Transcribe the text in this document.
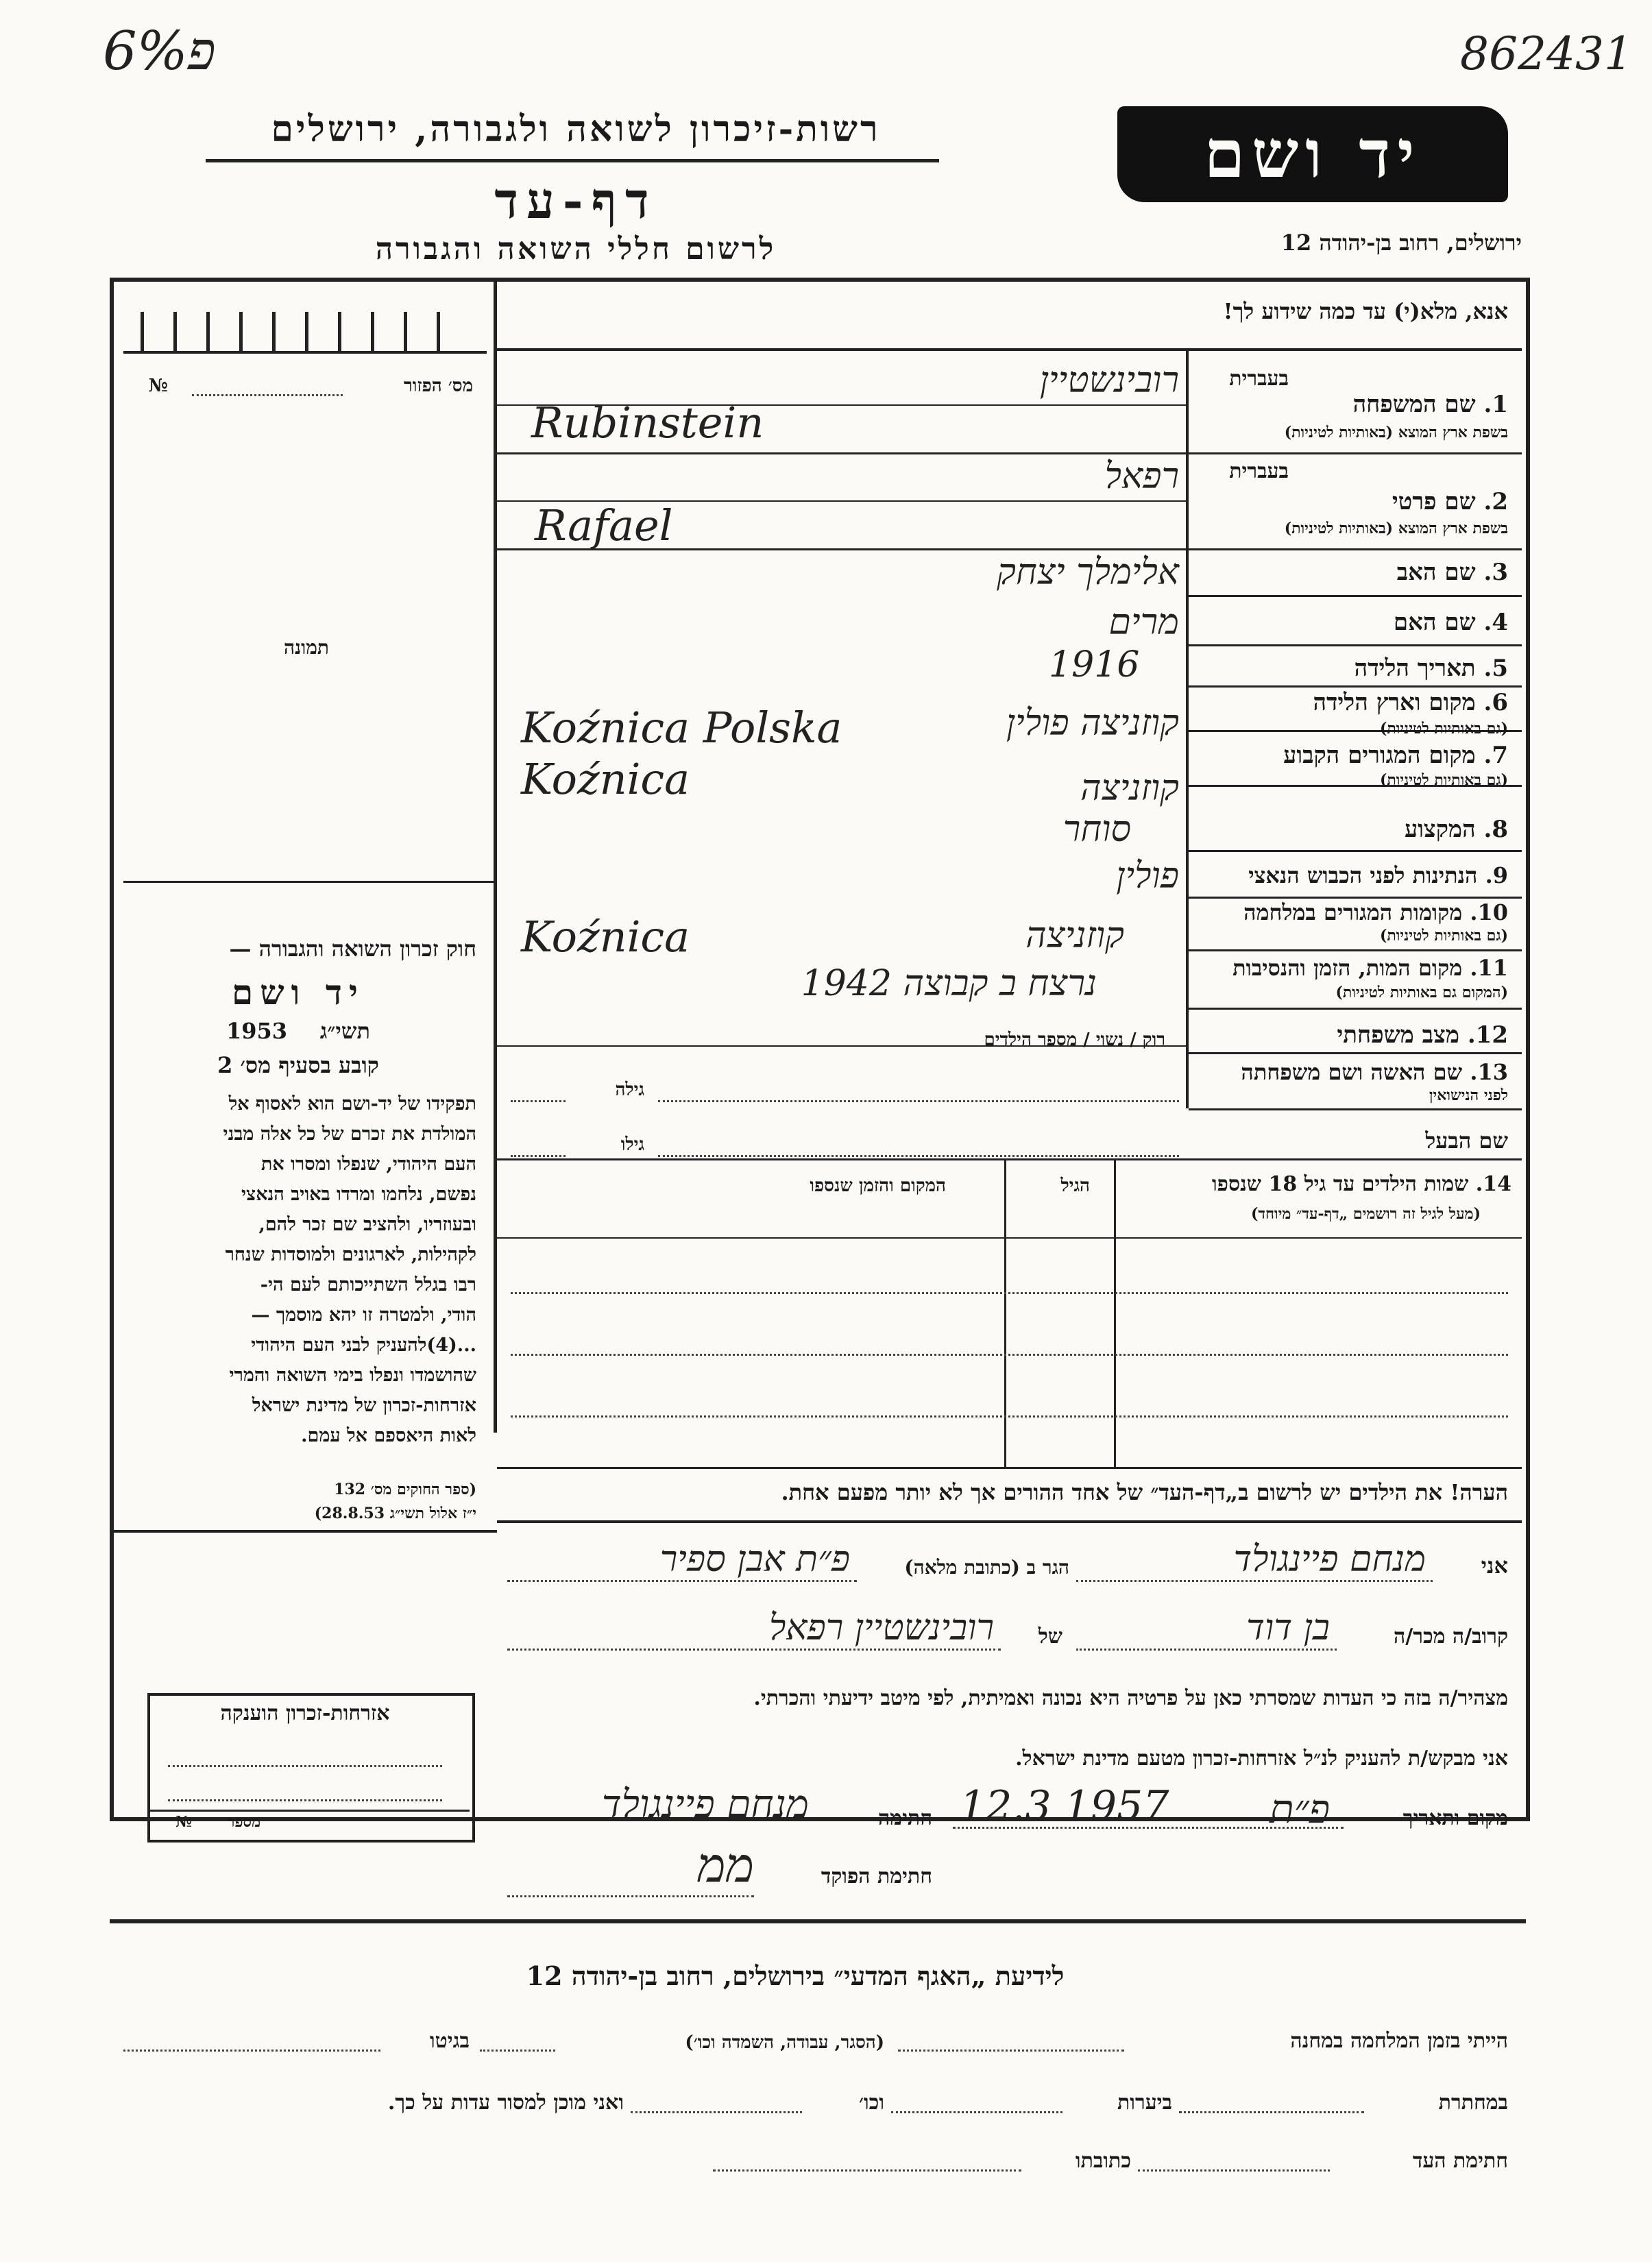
6%פ	862431
רשות-זיכרון לשואה ולגבורה, ירושלים
דף-עד
לרשום חללי השואה והגבורה
יד ושם
ירושלים, רחוב בן-יהודה 12
אנא, מלא(י) עד כמה שידוע לך!
מס׳ הפזור
№
תמונה
חוק זכרון השואה והגבורה —
יד ושם
תשי״ג
1953
קובע בסעיף מס׳ 2
תפקידו של יד-ושם הוא לאסוף אל
המולדת את זכרם של כל אלה מבני
העם היהודי, שנפלו ומסרו את
נפשם, נלחמו ומרדו באויב הנאצי
ובעוזריו, ולהציב שם זכר להם,
לקהילות, לארגונים ולמוסדות שנחר
רבו בגלל השתייכותם לעם הי-
הודי, ולמטרה זו יהא מוסמך —
...(4)להעניק לבני העם היהודי
שהושמדו ונפלו בימי השואה והמרי
אזרחות-זכרון של מדינת ישראל
לאות היאספם אל עמם.
(ספר החוקים מס׳ 132
י״ז אלול תשי״ג 28.8.53)
1. שם המשפחה
בשפת ארץ המוצא (באותיות לטיניות)
בעברית
רובינשטיין
Rubinstein
בעברית
2. שם פרטי
בשפת ארץ המוצא (באותיות לטיניות)
רפאל
Rafael
3. שם האב
אלימלך יצחק
4. שם האם
מרים
5. תאריך הלידה
1916
6. מקום וארץ הלידה
(גם באותיות לטיניות)
Koźnica Polska	קוזניצה פולין
7. מקום המגורים הקבוע
(גם באותיות לטיניות)
Koźnica	קוזניצה
8. המקצוע
סוחר
9. הנתינות לפני הכבוש הנאצי
פולין
10. מקומות המגורים במלחמה
(גם באותיות לטיניות)
Koźnica	קוזניצה
11. מקום המות, הזמן והנסיבות
(המקום גם באותיות לטיניות)
נרצח ב קבוצה 1942
12. מצב משפחתי
רוק / נשוי / מספר הילדים
13. שם האשה ושם משפחתה
לפני הנישואין
גילה
שם הבעל
גילו
14. שמות הילדים עד גיל 18 שנספו
(מעל לגיל זה רושמים „דף-עד״ מיוחד)
הגיל
המקום והזמן שנספו
הערה! את הילדים יש לרשום ב„דף-העד״ של אחד ההורים אך לא יותר מפעם אחת.
אני
מנחם פיינגולד
הגר ב (כתובת מלאה)
פ״ת אבן ספיר
קרוב/ה מכר/ה
בן דוד
של
רובינשטיין רפאל
מצהיר/ה בזה כי העדות שמסרתי כאן על פרטיה היא נכונה ואמיתית, לפי מיטב ידיעתי והכרתי.
אני מבקש/ת להעניק לנ״ל אזרחות-זכרון מטעם מדינת ישראל.
מקום ותאריך
פ״ת
12.3 1957
חתימה
מנחם פיינגולד
חתימת הפוקד
ממ
אזרחות-זכרון הוענקה
מספר
№
לידיעת „האגף המדעי״ בירושלים, רחוב בן-יהודה 12
הייתי בזמן המלחמה במחנה
(הסגר, עבודה, השמדה וכו׳)
בגיטו
במחתרת
ביערות
וכו׳
ואני מוכן למסור עדות על כך.
חתימת העד
כתובתו
